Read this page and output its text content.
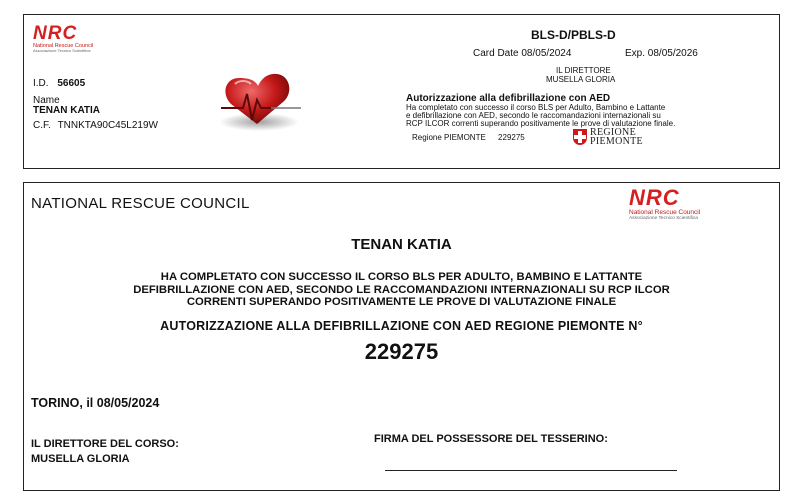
NRC
National Rescue Council
Associazione Tecnico Scientifica
BLS-D/PBLS-D
Card Date 08/05/2024	Exp. 08/05/2026
IL DIRETTORE
MUSELLA GLORIA
I.D. 56605
Name
TENAN KATIA
C.F. TNNKTA90C45L219W
Autorizzazione alla defibrillazione con AED
Ha completato con successo il corso BLS per Adulto, Bambino e Lattante
e defibrillazione con AED, secondo le raccomandazioni internazionali su
RCP ILCOR correnti superando positivamente le prove di valutazione finale.
Regione PIEMONTE 229275	REGIONE
PIEMONTE
NATIONAL RESCUE COUNCIL	NRC
National Rescue Council
Associazione Tecnico Scientifica
TENAN KATIA
HA COMPLETATO CON SUCCESSO IL CORSO BLS PER ADULTO, BAMBINO E LATTANTE
DEFIBRILLAZIONE CON AED, SECONDO LE RACCOMANDAZIONI INTERNAZIONALI SU RCP ILCOR
CORRENTI SUPERANDO POSITIVAMENTE LE PROVE DI VALUTAZIONE FINALE
AUTORIZZAZIONE ALLA DEFIBRILLAZIONE CON AED REGIONE PIEMONTE N°
229275
TORINO, il 08/05/2024
IL DIRETTORE DEL CORSO:
MUSELLA GLORIA
FIRMA DEL POSSESSORE DEL TESSERINO:
